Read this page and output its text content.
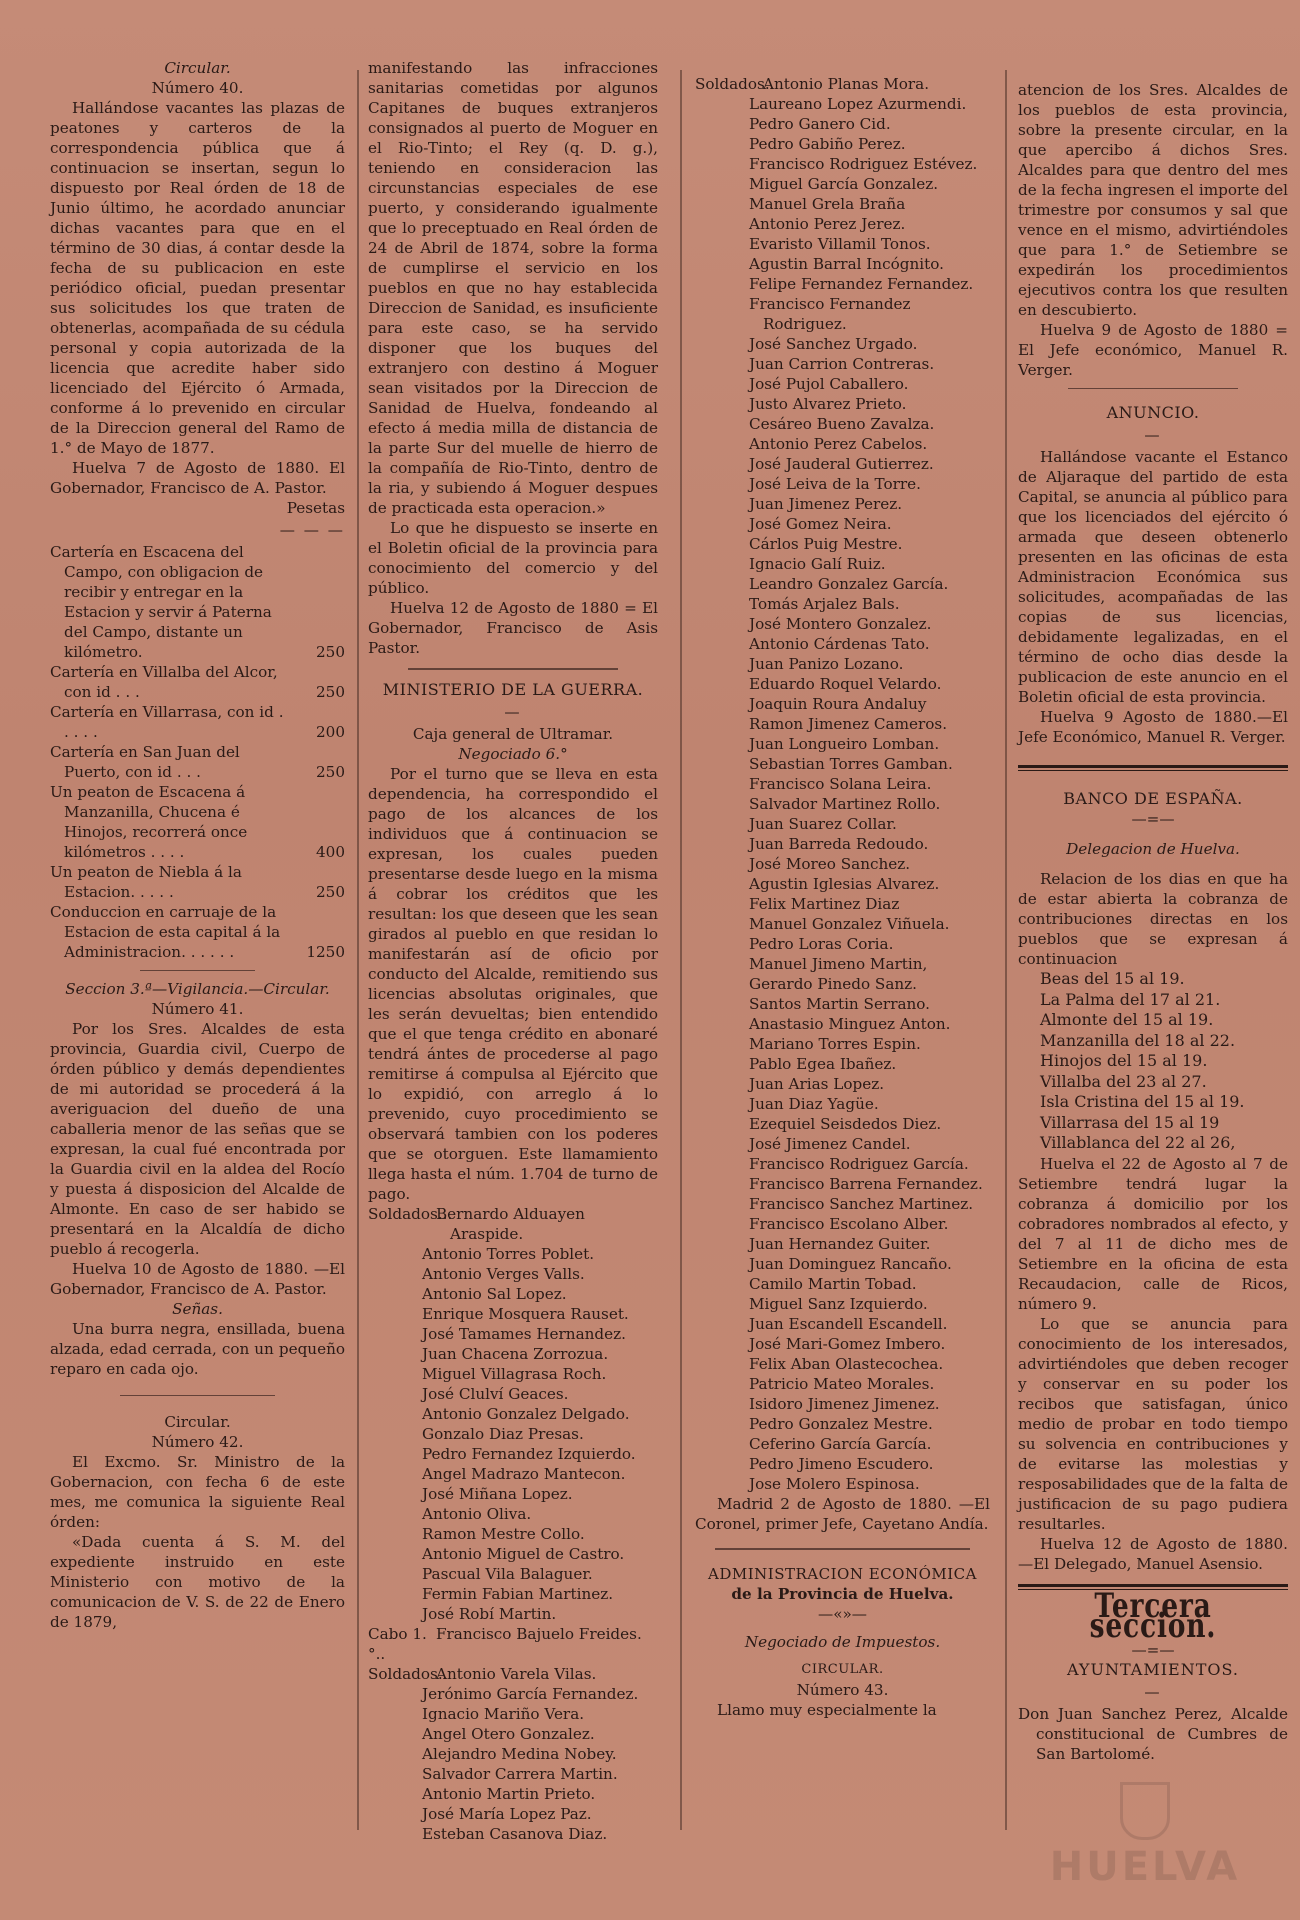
Circular.
Número 40.

Hallándose vacantes las plazas de peatones y carteros de la correspondencia pública que á continuacion se insertan, segun lo dispuesto por Real órden de 18 de Junio último, he acordado anunciar dichas vacantes para que en el término de 30 dias, á contar desde la fecha de su publicacion en este periódico oficial, puedan presentar sus solicitudes los que traten de obtenerlas, acompañada de su cédula personal y copia autorizada de la licencia que acredite haber sido licenciado del Ejército ó Armada, conforme á lo prevenido en circular de la Direccion general del Ramo de 1.° de Mayo de 1877.

Huelva 7 de Agosto de 1880. El Gobernador, Francisco de A. Pastor.

Pesetas
— — —
Cartería en Escacena del Campo, con obligacion de recibir y entregar en la Estacion y servir á Paterna del Campo, distante un kilómetro.	250
Cartería en Villalba del Alcor, con id . . .	250
Cartería en Villarrasa, con id . . . . .	200
Cartería en San Juan del Puerto, con id . . .	250
Un peaton de Escacena á Manzanilla, Chucena é Hinojos, recorrerá once kilómetros . . . .	400
Un peaton de Niebla á la Estacion. . . . .	250
Conduccion en carruaje de la Estacion de esta capital á la Administracion. . . . . .	1250
Seccion 3.ª—Vigilancia.—Circular.
Número 41.

Por los Sres. Alcaldes de esta provincia, Guardia civil, Cuerpo de órden público y demás dependientes de mi autoridad se procederá á la averiguacion del dueño de una caballeria menor de las señas que se expresan, la cual fué encontrada por la Guardia civil en la aldea del Rocío y puesta á disposicion del Alcalde de Almonte. En caso de ser habido se presentará en la Alcaldía de dicho pueblo á recogerla.

Huelva 10 de Agosto de 1880. —El Gobernador, Francisco de A. Pastor.

Señas.

Una burra negra, ensillada, buena alzada, edad cerrada, con un pequeño reparo en cada ojo.

Circular.
Número 42.

El Excmo. Sr. Ministro de la Gobernacion, con fecha 6 de este mes, me comunica la siguiente Real órden:

«Dada cuenta á S. M. del expediente instruido en este Ministerio con motivo de la comunicacion de V. S. de 22 de Enero de 1879,

manifestando las infracciones sanitarias cometidas por algunos Capitanes de buques extranjeros consignados al puerto de Moguer en el Rio-Tinto; el Rey (q. D. g.), teniendo en consideracion las circunstancias especiales de ese puerto, y considerando igualmente que lo preceptuado en Real órden de 24 de Abril de 1874, sobre la forma de cumplirse el servicio en los pueblos en que no hay establecida Direccion de Sanidad, es insuficiente para este caso, se ha servido disponer que los buques del extranjero con destino á Moguer sean visitados por la Direccion de Sanidad de Huelva, fondeando al efecto á media milla de distancia de la parte Sur del muelle de hierro de la compañía de Rio-Tinto, dentro de la ria, y subiendo á Moguer despues de practicada esta operacion.»

Lo que he dispuesto se inserte en el Boletin oficial de la provincia para conocimiento del comercio y del público.

Huelva 12 de Agosto de 1880 = El Gobernador, Francisco de Asis Pastor.

MINISTERIO DE LA GUERRA.
—
Caja general de Ultramar.
Negociado 6.°

Por el turno que se lleva en esta dependencia, ha correspondido el pago de los alcances de los individuos que á continuacion se expresan, los cuales pueden presentarse desde luego en la misma á cobrar los créditos que les resultan: los que deseen que les sean girados al pueblo en que residan lo manifestarán así de oficio por conducto del Alcalde, remitiendo sus licencias absolutas originales, que les serán devueltas; bien entendido que el que tenga crédito en abonaré tendrá ántes de procederse al pago remitirse á compulsa al Ejército que lo expidió, con arreglo á lo prevenido, cuyo procedimiento se observará tambien con los poderes que se otorguen. Este llamamiento llega hasta el núm. 1.704 de turno de pago.

Soldados...
Bernardo Alduayen Araspide.
Antonio Torres Poblet.
Antonio Verges Valls.
Antonio Sal Lopez.
Enrique Mosquera Rauset.
José Tamames Hernandez.
Juan Chacena Zorrozua.
Miguel Villagrasa Roch.
José Clulví Geaces.
Antonio Gonzalez Delgado.
Gonzalo Diaz Presas.
Pedro Fernandez Izquierdo.
Angel Madrazo Mantecon.
José Miñana Lopez.
Antonio Oliva.
Ramon Mestre Collo.
Antonio Miguel de Castro.
Pascual Vila Balaguer.
Fermin Fabian Martinez.
José Robí Martin.
Cabo 1.°..
Francisco Bajuelo Freides.
Soldados..
Antonio Varela Vilas.
Jerónimo García Fernandez.
Ignacio Mariño Vera.
Angel Otero Gonzalez.
Alejandro Medina Nobey.
Salvador Carrera Martin.
Antonio Martin Prieto.
José María Lopez Paz.
Esteban Casanova Diaz.
Soldados..
Antonio Planas Mora.
Laureano Lopez Azurmendi.
Pedro Ganero Cid.
Pedro Gabiño Perez.
Francisco Rodriguez Estévez.
Miguel García Gonzalez.
Manuel Grela Braña
Antonio Perez Jerez.
Evaristo Villamil Tonos.
Agustin Barral Incógnito.
Felipe Fernandez Fernandez.
Francisco Fernandez Rodriguez.
José Sanchez Urgado.
Juan Carrion Contreras.
José Pujol Caballero.
Justo Alvarez Prieto.
Cesáreo Bueno Zavalza.
Antonio Perez Cabelos.
José Jauderal Gutierrez.
José Leiva de la Torre.
Juan Jimenez Perez.
José Gomez Neira.
Cárlos Puig Mestre.
Ignacio Galí Ruiz.
Leandro Gonzalez García.
Tomás Arjalez Bals.
José Montero Gonzalez.
Antonio Cárdenas Tato.
Juan Panizo Lozano.
Eduardo Roquel Velardo.
Joaquin Roura Andaluy
Ramon Jimenez Cameros.
Juan Longueiro Lomban.
Sebastian Torres Gamban.
Francisco Solana Leira.
Salvador Martinez Rollo.
Juan Suarez Collar.
Juan Barreda Redoudo.
José Moreo Sanchez.
Agustin Iglesias Alvarez.
Felix Martinez Diaz
Manuel Gonzalez Viñuela.
Pedro Loras Coria.
Manuel Jimeno Martin,
Gerardo Pinedo Sanz.
Santos Martin Serrano.
Anastasio Minguez Anton.
Mariano Torres Espin.
Pablo Egea Ibañez.
Juan Arias Lopez.
Juan Diaz Yagüe.
Ezequiel Seisdedos Diez.
José Jimenez Candel.
Francisco Rodriguez García.
Francisco Barrena Fernandez.
Francisco Sanchez Martinez.
Francisco Escolano Alber.
Juan Hernandez Guiter.
Juan Dominguez Rancaño.
Camilo Martin Tobad.
Miguel Sanz Izquierdo.
Juan Escandell Escandell.
José Mari-Gomez Imbero.
Felix Aban Olastecochea.
Patricio Mateo Morales.
Isidoro Jimenez Jimenez.
Pedro Gonzalez Mestre.
Ceferino García García.
Pedro Jimeno Escudero.
Jose Molero Espinosa.

Madrid 2 de Agosto de 1880. —El Coronel, primer Jefe, Cayetano Andía.

ADMINISTRACION ECONÓMICA
de la Provincia de Huelva.
—«»—
Negociado de Impuestos.
CIRCULAR.
Número 43.

Llamo muy especialmente la

atencion de los Sres. Alcaldes de los pueblos de esta provincia, sobre la presente circular, en la que apercibo á dichos Sres. Alcaldes para que dentro del mes de la fecha ingresen el importe del trimestre por consumos y sal que vence en el mismo, advirtiéndoles que para 1.° de Setiembre se expedirán los procedimientos ejecutivos contra los que resulten en descubierto.

Huelva 9 de Agosto de 1880 = El Jefe económico, Manuel R. Verger.

ANUNCIO.
—

Hallándose vacante el Estanco de Aljaraque del partido de esta Capital, se anuncia al público para que los licenciados del ejército ó armada que deseen obtenerlo presenten en las oficinas de esta Administracion Económica sus solicitudes, acompañadas de las copias de sus licencias, debidamente legalizadas, en el término de ocho dias desde la publicacion de este anuncio en el Boletin oficial de esta provincia.

Huelva 9 Agosto de 1880.—El Jefe Económico, Manuel R. Verger.

BANCO DE ESPAÑA.
—=—
Delegacion de Huelva.

Relacion de los dias en que ha de estar abierta la cobranza de contribuciones directas en los pueblos que se expresan á continuacion

Beas del 15 al 19.
La Palma del 17 al 21.
Almonte del 15 al 19.
Manzanilla del 18 al 22.
Hinojos del 15 al 19.
Villalba del 23 al 27.
Isla Cristina del 15 al 19.
Villarrasa del 15 al 19
Villablanca del 22 al 26,

Huelva el 22 de Agosto al 7 de Setiembre tendrá lugar la cobranza á domicilio por los cobradores nombrados al efecto, y del 7 al 11 de dicho mes de Setiembre en la oficina de esta Recaudacion, calle de Ricos, número 9.

Lo que se anuncia para conocimiento de los interesados, advirtiéndoles que deben recoger y conservar en su poder los recibos que satisfagan, único medio de probar en todo tiempo su solvencia en contribuciones y de evitarse las molestias y resposabilidades que de la falta de justificacion de su pago pudiera resultarles.

Huelva 12 de Agosto de 1880. —El Delegado, Manuel Asensio.

Tercera seccion.
—=—
AYUNTAMIENTOS.
—

Don Juan Sanchez Perez, Alcalde constitucional de Cumbres de San Bartolomé.

HUELVA
